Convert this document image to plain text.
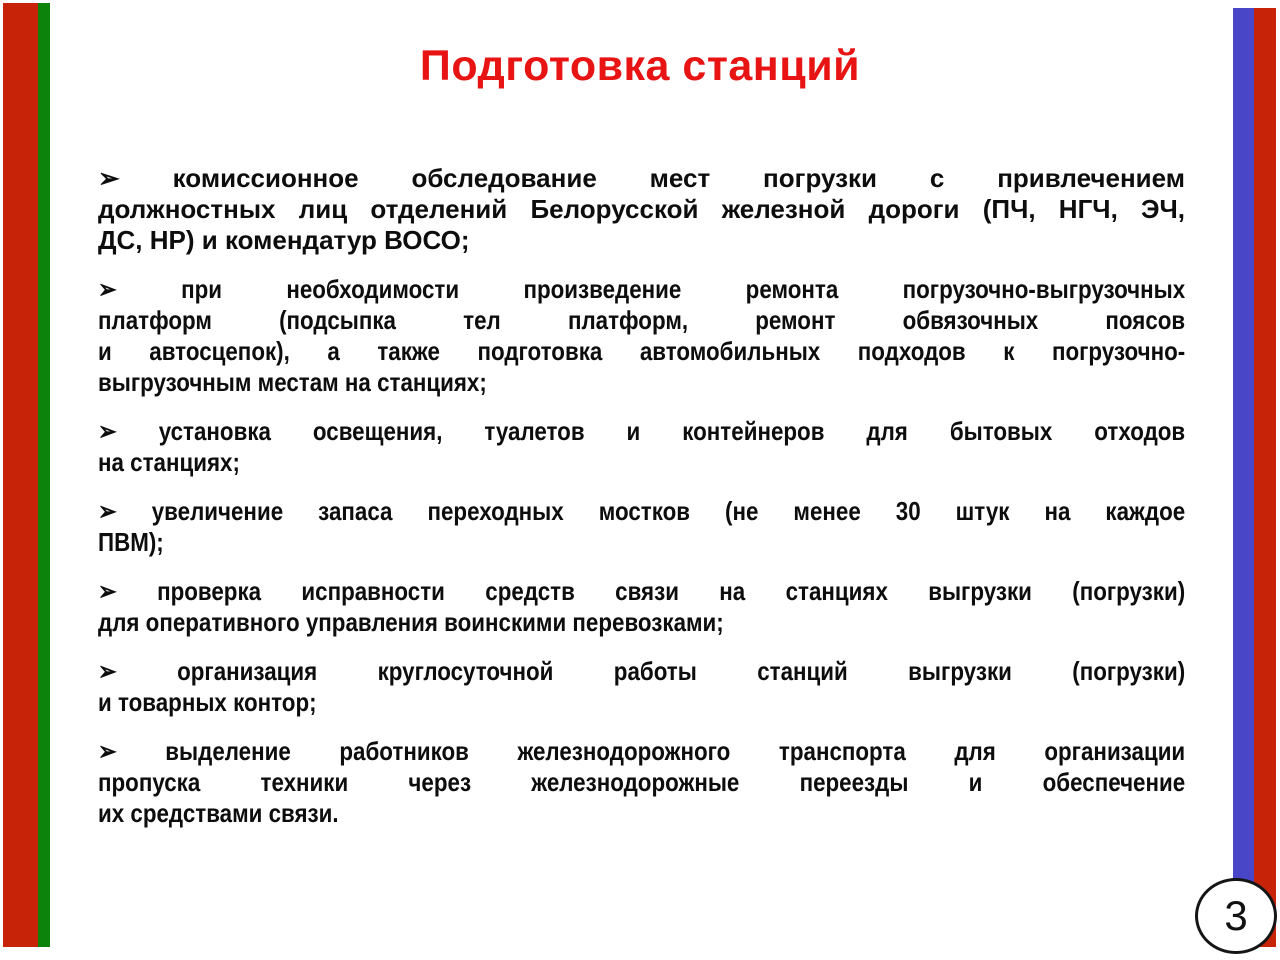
Подготовка станций
➢ комиссионное обследование мест погрузки с привлечением
должностных лиц отделений Белорусской железной дороги (ПЧ, НГЧ, ЭЧ,
ДС, НР) и комендатур ВОСО;
➢ при необходимости произведение ремонта погрузочно-выгрузочных
платформ (подсыпка тел платформ, ремонт обвязочных поясов
и автосцепок), а также подготовка автомобильных подходов к погрузочно-
выгрузочным местам на станциях;
➢ установка освещения, туалетов и контейнеров для бытовых отходов
на станциях;
➢ увеличение запаса переходных мостков (не менее 30 штук на каждое
ПВМ);
➢ проверка исправности средств связи на станциях выгрузки (погрузки)
для оперативного управления воинскими перевозками;
➢ организация круглосуточной работы станций выгрузки (погрузки)
и товарных контор;
➢ выделение работников железнодорожного транспорта для организации
пропуска техники через железнодорожные переезды и обеспечение
их средствами связи.
3
